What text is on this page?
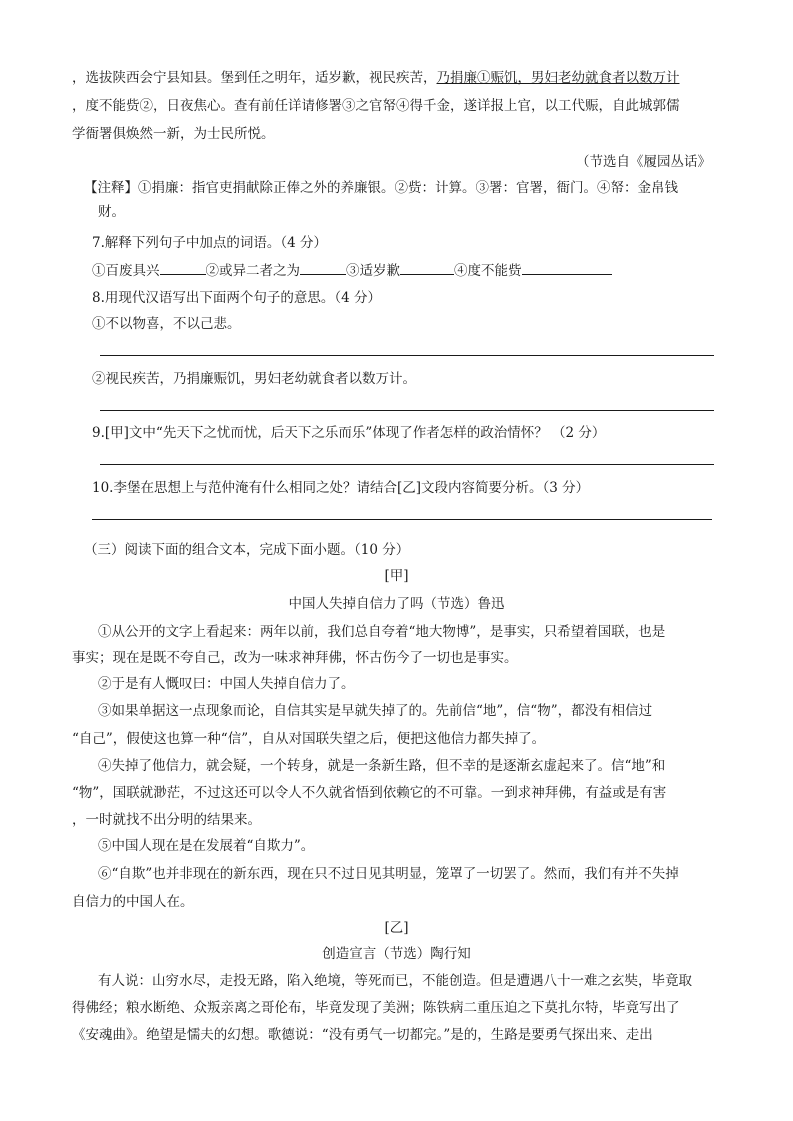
，选拔陕西会宁县知县。堡到任之明年，适岁歉，视民疾苦，乃捐廉①赈饥，男妇老幼就食者以数万计
，度不能赀②，日夜焦心。查有前任详请修署③之官帑④得千金，遂详报上官，以工代赈，自此城郭儒
学衙署俱焕然一新，为士民所悦。
（节选自《履园丛话》
【注释】①捐廉：指官吏捐献除正俸之外的养廉银。②赀：计算。③署：官署，衙门。④帑：金帛钱
财。
7.解释下列句子中加点的词语。（4 分）
①百废具兴	②或异二者之为	③适岁歉	④度不能赀
8.用现代汉语写出下面两个句子的意思。（4 分）
①不以物喜，不以己悲。
②视民疾苦，乃捐廉赈饥，男妇老幼就食者以数万计。
9.[甲]文中“先天下之忧而忧，后天下之乐而乐”体现了作者怎样的政治情怀？ （2 分）
10.李堡在思想上与范仲淹有什么相同之处？请结合[乙]文段内容简要分析。（3 分）
（三）阅读下面的组合文本，完成下面小题。（10 分）
[甲]
中国人失掉自信力了吗（节选）鲁迅
①从公开的文字上看起来：两年以前，我们总自夸着“地大物博”，是事实，只希望着国联，也是
事实；现在是既不夸自己，改为一味求神拜佛，怀古伤今了一切也是事实。
②于是有人慨叹曰：中国人失掉自信力了。
③如果单据这一点现象而论，自信其实是早就失掉了的。先前信“地”，信“物”，都没有相信过
“自己”，假使这也算一种“信”，自从对国联失望之后，便把这他信力都失掉了。
④失掉了他信力，就会疑，一个转身，就是一条新生路，但不幸的是逐渐玄虚起来了。信“地”和
“物”，国联就渺茫，不过这还可以令人不久就省悟到依赖它的不可靠。一到求神拜佛，有益或是有害
，一时就找不出分明的结果来。
⑤中国人现在是在发展着“自欺力”。
⑥“自欺”也并非现在的新东西，现在只不过日见其明显，笼罩了一切罢了。然而，我们有并不失掉
自信力的中国人在。
[乙]
创造宣言（节选）陶行知
有人说：山穷水尽，走投无路，陷入绝境，等死而已，不能创造。但是遭遇八十一难之玄奘，毕竟取
得佛经；粮水断绝、众叛亲离之哥伦布，毕竟发现了美洲；陈铁病二重压迫之下莫扎尔特，毕竟写出了
《安魂曲》。绝望是懦夫的幻想。歌德说：“没有勇气一切都完。”是的，生路是要勇气探出来、走出
